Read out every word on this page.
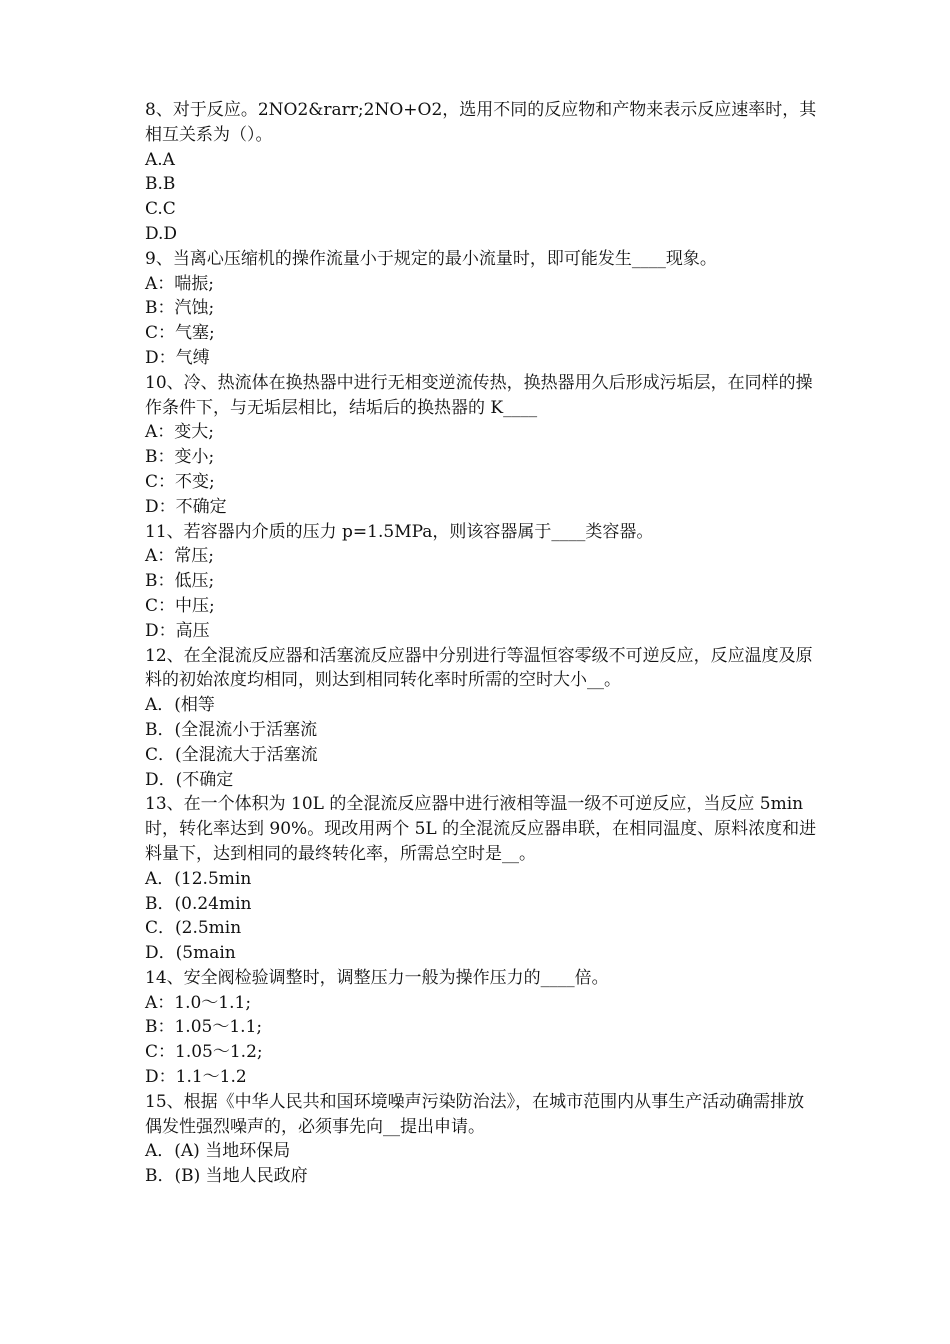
8、对于反应。2NO2&rarr;2NO+O2，选用不同的反应物和产物来表示反应速率时，其相互关系为（）。

A.A

B.B

C.C

D.D

9、当离心压缩机的操作流量小于规定的最小流量时，即可能发生____现象。

A：喘振;

B：汽蚀;

C：气塞;

D：气缚

10、冷、热流体在换热器中进行无相变逆流传热，换热器用久后形成污垢层，在同样的操作条件下，与无垢层相比，结垢后的换热器的 K____

A：变大;

B：变小;

C：不变;

D：不确定

11、若容器内介质的压力 p=1.5MPa，则该容器属于____类容器。

A：常压;

B：低压;

C：中压;

D：高压

12、在全混流反应器和活塞流反应器中分别进行等温恒容零级不可逆反应，反应温度及原料的初始浓度均相同，则达到相同转化率时所需的空时大小__。

A．(相等

B．(全混流小于活塞流

C．(全混流大于活塞流

D．(不确定

13、在一个体积为 10L 的全混流反应器中进行液相等温一级不可逆反应，当反应 5min 时，转化率达到 90%。现改用两个 5L 的全混流反应器串联，在相同温度、原料浓度和进料量下，达到相同的最终转化率，所需总空时是__。

A．(12.5min

B．(0.24min

C．(2.5min

D．(5main

14、安全阀检验调整时，调整压力一般为操作压力的____倍。

A：1.0～1.1;

B：1.05～1.1;

C：1.05～1.2;

D：1.1～1.2

15、根据《中华人民共和国环境噪声污染防治法》，在城市范围内从事生产活动确需排放偶发性强烈噪声的，必须事先向__提出申请。

A．(A) 当地环保局

B．(B) 当地人民政府
